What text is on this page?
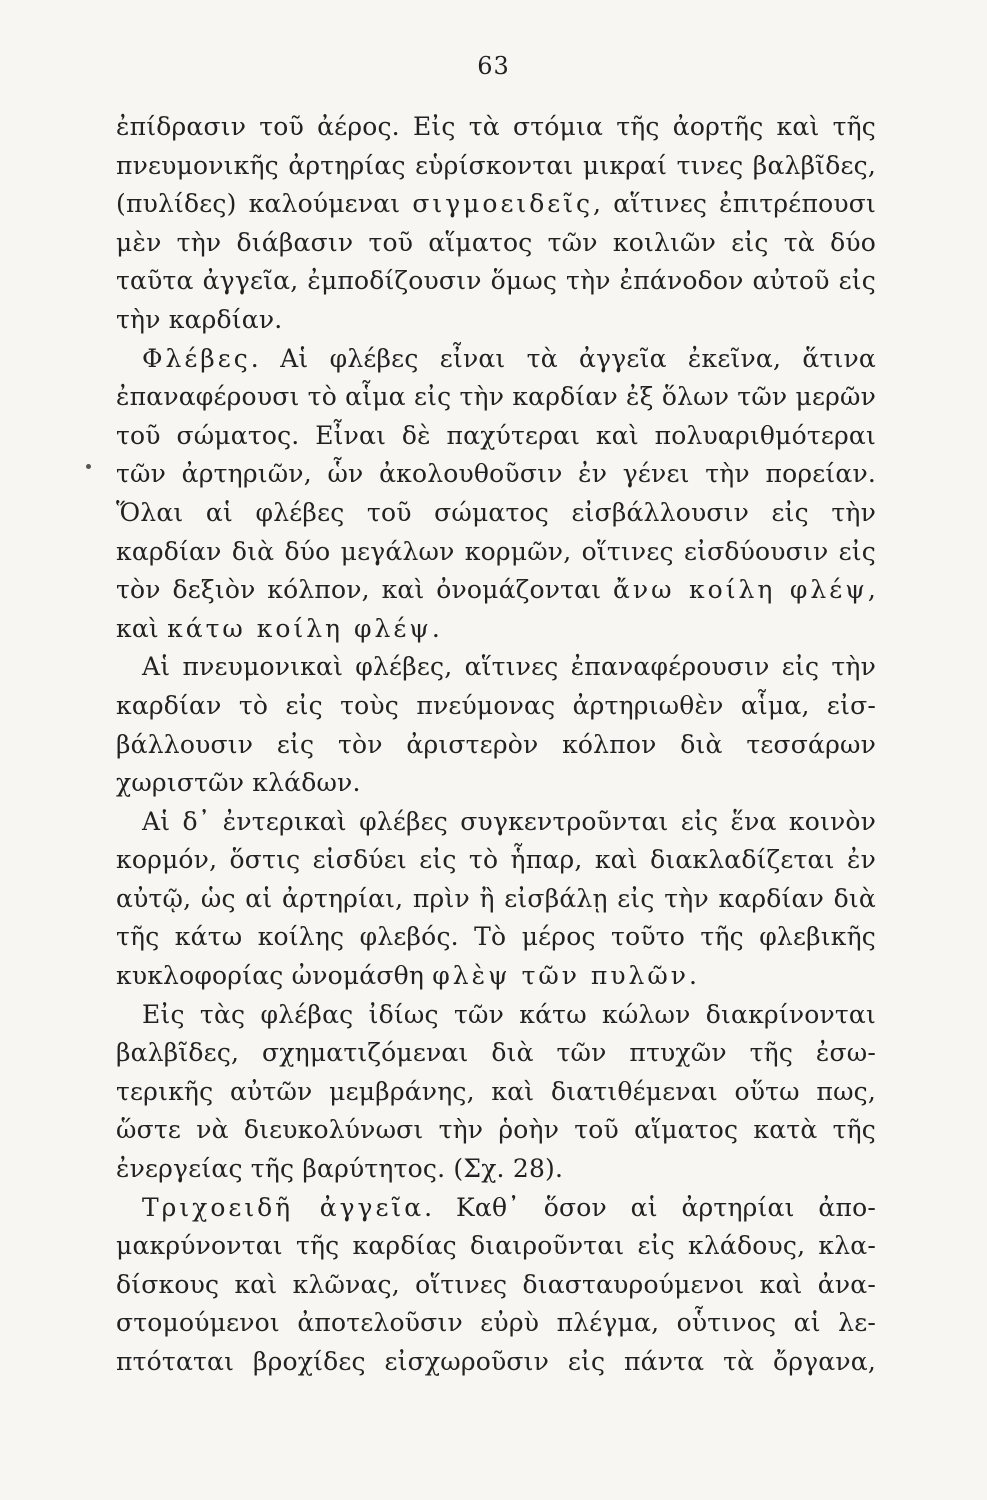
63
ἐπίδρασιν τοῦ ἀέρος. Εἰς τὰ στόμια τῆς ἀορτῆς καὶ τῆς
πνευμονικῆς ἀρτηρίας εὑρίσκονται μικραί τινες βαλβῖδες,
(πυλίδες) καλούμεναι σιγμοειδεῖς, αἵτινες ἐπιτρέπουσι
μὲν τὴν διάβασιν τοῦ αἵματος τῶν κοιλιῶν εἰς τὰ δύο
ταῦτα ἀγγεῖα, ἐμποδίζουσιν ὅμως τὴν ἐπάνοδον αὐτοῦ εἰς
τὴν καρδίαν.
Φλέβες. Αἱ φλέβες εἶναι τὰ ἀγγεῖα ἐκεῖνα, ἅτινα
ἐπαναφέρουσι τὸ αἷμα εἰς τὴν καρδίαν ἐξ ὅλων τῶν μερῶν
τοῦ σώματος. Εἶναι δὲ παχύτεραι καὶ πολυαριθμότεραι
τῶν ἀρτηριῶν, ὧν ἀκολουθοῦσιν ἐν γένει τὴν πορείαν.
Ὅλαι αἱ φλέβες τοῦ σώματος εἰσβάλλουσιν εἰς τὴν
καρδίαν διὰ δύο μεγάλων κορμῶν, οἵτινες εἰσδύουσιν εἰς
τὸν δεξιὸν κόλπον, καὶ ὀνομάζονται ἄνω κοίλη φλέψ,
καὶ κάτω κοίλη φλέψ.
Αἱ πνευμονικαὶ φλέβες, αἵτινες ἐπαναφέρουσιν εἰς τὴν
καρδίαν τὸ εἰς τοὺς πνεύμονας ἀρτηριωθὲν αἷμα, εἰσ-
βάλλουσιν εἰς τὸν ἀριστερὸν κόλπον διὰ τεσσάρων
χωριστῶν κλάδων.
Αἱ δ᾽ ἐντερικαὶ φλέβες συγκεντροῦνται εἰς ἕνα κοινὸν
κορμόν, ὅστις εἰσδύει εἰς τὸ ἧπαρ, καὶ διακλαδίζεται ἐν
αὐτῷ, ὡς αἱ ἀρτηρίαι, πρὶν ἢ εἰσβάλῃ εἰς τὴν καρδίαν διὰ
τῆς κάτω κοίλης φλεβός. Τὸ μέρος τοῦτο τῆς φλεβικῆς
κυκλοφορίας ὠνομάσθη φλὲψ τῶν πυλῶν.
Εἰς τὰς φλέβας ἰδίως τῶν κάτω κώλων διακρίνονται
βαλβῖδες, σχηματιζόμεναι διὰ τῶν πτυχῶν τῆς ἐσω-
τερικῆς αὐτῶν μεμβράνης, καὶ διατιθέμεναι οὕτω πως,
ὥστε νὰ διευκολύνωσι τὴν ῥοὴν τοῦ αἵματος κατὰ τῆς
ἐνεργείας τῆς βαρύτητος. (Σχ. 28).
Τριχοειδῆ ἀγγεῖα. Καθ᾽ ὅσον αἱ ἀρτηρίαι ἀπο-
μακρύνονται τῆς καρδίας διαιροῦνται εἰς κλάδους, κλα-
δίσκους καὶ κλῶνας, οἵτινες διασταυρούμενοι καὶ ἀνα-
στομούμενοι ἀποτελοῦσιν εὐρὺ πλέγμα, οὗτινος αἱ λε-
πτόταται βροχίδες εἰσχωροῦσιν εἰς πάντα τὰ ὄργανα,
